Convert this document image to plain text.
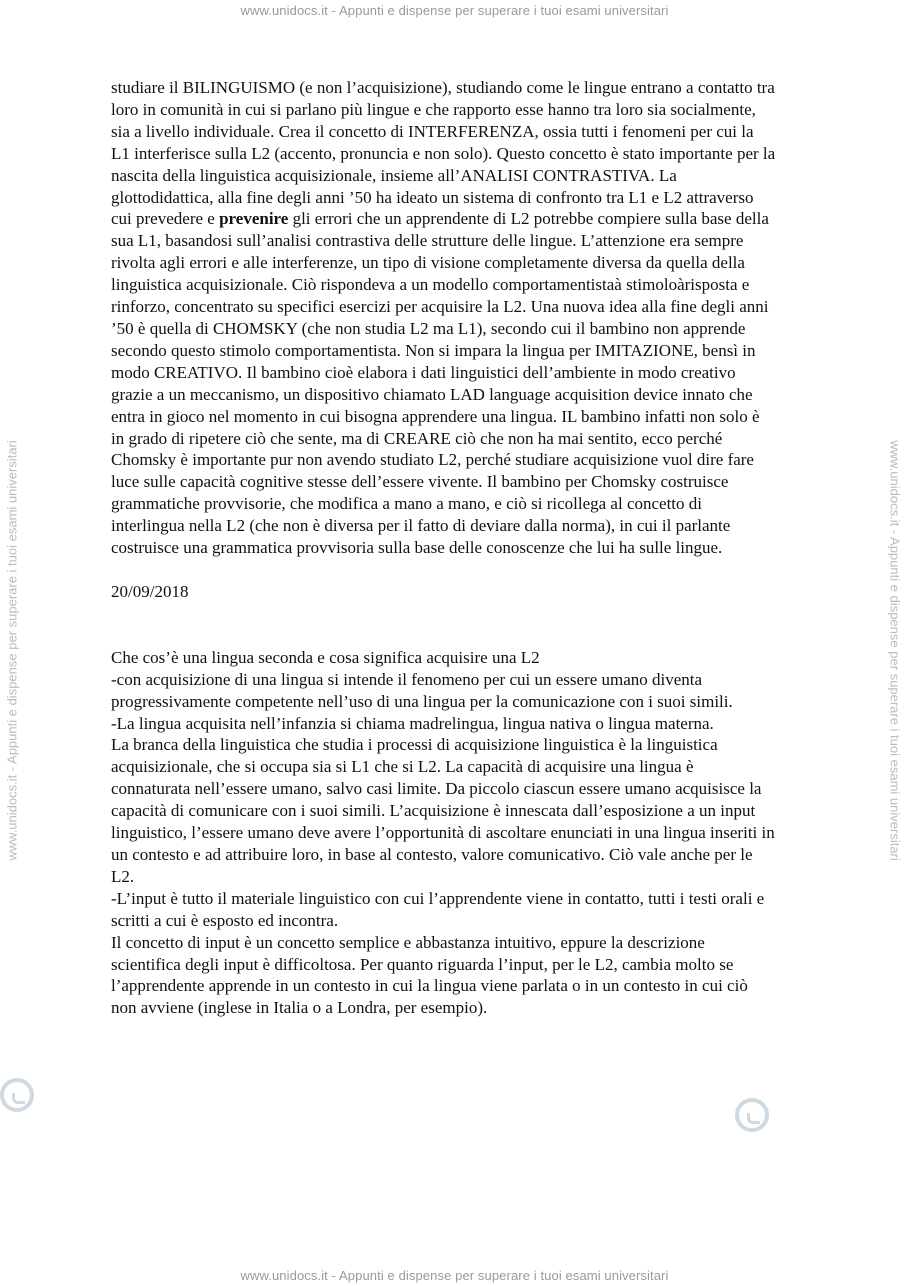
www.unidocs.it - Appunti e dispense per superare i tuoi esami universitari
www.unidocs.it - Appunti e dispense per superare i tuoi esami universitari	www.unidocs.it - Appunti e dispense per superare i tuoi esami universitari

studiare il BILINGUISMO (e non l’acquisizione), studiando come le lingue entrano a contatto tra loro in comunità in cui si parlano più lingue e che rapporto esse hanno tra loro sia socialmente, sia a livello individuale. Crea il concetto di INTERFERENZA, ossia tutti i fenomeni per cui la L1 interferisce sulla L2 (accento, pronuncia e non solo). Questo concetto è stato importante per la nascita della linguistica acquisizionale, insieme all’ANALISI CONTRASTIVA. La glottodidattica, alla fine degli anni ’50 ha ideato un sistema di confronto tra L1 e L2 attraverso cui prevedere e prevenire gli errori che un apprendente di L2 potrebbe compiere sulla base della sua L1, basandosi sull’analisi contrastiva delle strutture delle lingue. L’attenzione era sempre rivolta agli errori e alle interferenze, un tipo di visione completamente diversa da quella della linguistica acquisizionale. Ciò rispondeva a un modello comportamentistaà stimoloàrisposta e rinforzo, concentrato su specifici esercizi per acquisire la L2. Una nuova idea alla fine degli anni ’50 è quella di CHOMSKY (che non studia L2 ma L1), secondo cui il bambino non apprende secondo questo stimolo comportamentista. Non si impara la lingua per IMITAZIONE, bensì in modo CREATIVO. Il bambino cioè elabora i dati linguistici dell’ambiente in modo creativo grazie a un meccanismo, un dispositivo chiamato LAD language acquisition device innato che entra in gioco nel momento in cui bisogna apprendere una lingua. IL bambino infatti non solo è in grado di ripetere ciò che sente, ma di CREARE ciò che non ha mai sentito, ecco perché Chomsky è importante pur non avendo studiato L2, perché studiare acquisizione vuol dire fare luce sulle capacità cognitive stesse dell’essere vivente. Il bambino per Chomsky costruisce grammatiche provvisorie, che modifica a mano a mano, e ciò si ricollega al concetto di interlingua nella L2 (che non è diversa per il fatto di deviare dalla norma), in cui il parlante costruisce una grammatica provvisoria sulla base delle conoscenze che lui ha sulle lingue.

20/09/2018

Che cos’è una lingua seconda e cosa significa acquisire una L2

-con acquisizione di una lingua si intende il fenomeno per cui un essere umano diventa progressivamente competente nell’uso di una lingua per la comunicazione con i suoi simili.

-La lingua acquisita nell’infanzia si chiama madrelingua, lingua nativa o lingua materna.

La branca della linguistica che studia i processi di acquisizione linguistica è la linguistica acquisizionale, che si occupa sia si L1 che si L2. La capacità di acquisire una lingua è connaturata nell’essere umano, salvo casi limite. Da piccolo ciascun essere umano acquisisce la capacità di comunicare con i suoi simili. L’acquisizione è innescata dall’esposizione a un input linguistico, l’essere umano deve avere l’opportunità di ascoltare enunciati in una lingua inseriti in un contesto e ad attribuire loro, in base al contesto, valore comunicativo. Ciò vale anche per le L2.

-L’input è tutto il materiale linguistico con cui l’apprendente viene in contatto, tutti i testi orali e scritti a cui è esposto ed incontra.

Il concetto di input è un concetto semplice e abbastanza intuitivo, eppure la descrizione scientifica degli input è difficoltosa. Per quanto riguarda l’input, per le L2, cambia molto se l’apprendente apprende in un contesto in cui la lingua viene parlata o in un contesto in cui ciò non avviene (inglese in Italia o a Londra, per esempio).

www.unidocs.it - Appunti e dispense per superare i tuoi esami universitari
